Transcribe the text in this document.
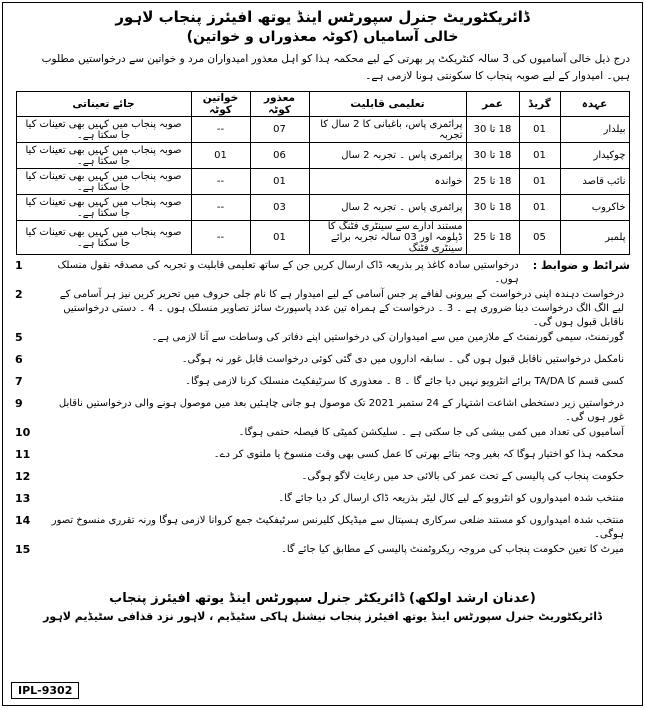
ڈائریکٹوریٹ جنرل سپورٹس اینڈ یوتھ افیئرز پنجاب لاہور
خالی آسامیاں (کوٹہ معذوراں و خواتین)
درج ذیل خالی آسامیوں کی 3 سالہ کنٹریکٹ پر بھرتی کے لیے محکمہ ہذا کو اہل معذور امیدواران مرد و خواتین سے درخواستیں مطلوب ہیں۔ امیدوار کے لیے صوبہ پنجاب کا سکونتی ہونا لازمی ہے۔
عہدہ	گریڈ	عمر	تعلیمی قابلیت	معذور کوٹہ	خواتین کوٹہ	جائے تعیناتی
بیلدار	01	18 تا 30	پرائمری پاس، باغبانی کا 2 سال کا تجربہ	07	--	صوبہ پنجاب میں کہیں بھی تعینات کیا جا سکتا ہے۔
چوکیدار	01	18 تا 30	پرائمری پاس ۔ تجربہ 2 سال	06	01	صوبہ پنجاب میں کہیں بھی تعینات کیا جا سکتا ہے۔
نائب قاصد	01	18 تا 25	خواندہ	01	--	صوبہ پنجاب میں کہیں بھی تعینات کیا جا سکتا ہے۔
خاکروب	01	18 تا 30	پرائمری پاس ۔ تجربہ 2 سال	03	--	صوبہ پنجاب میں کہیں بھی تعینات کیا جا سکتا ہے۔
پلمبر	05	18 تا 25	مستند ادارے سے سینٹری فٹنگ کا ڈپلومہ اور 03 سالہ تجربہ برائے سینٹری فٹنگ	01	--	صوبہ پنجاب میں کہیں بھی تعینات کیا جا سکتا ہے۔
شرائط و ضوابط :
درخواستیں سادہ کاغذ پر بذریعہ ڈاک ارسال کریں جن کے ساتھ تعلیمی قابلیت و تجربہ کی مصدقہ نقول منسلک ہوں۔
1
درخواست دہندہ اپنی درخواست کے بیرونی لفافے پر جس آسامی کے لیے امیدوار ہے کا نام جلی حروف میں تحریر کریں نیز ہر آسامی کے لیے الگ الگ درخواست دینا ضروری ہے ۔ 3 ۔ درخواست کے ہمراہ تین عدد پاسپورٹ سائز تصاویر منسلک ہوں ۔ 4 ۔ دستی درخواستیں ناقابل قبول ہوں گی۔
2
گورنمنٹ، سیمی گورنمنٹ کے ملازمین میں سے امیدواران کی درخواستیں اپنے دفاتر کی وساطت سے آنا لازمی ہے۔
5
نامکمل درخواستیں ناقابل قبول ہوں گی ۔ سابقہ اداروں میں دی گئی کوئی درخواست قابل غور نہ ہوگی۔
6
کسی قسم کا TA/DA برائے انٹرویو نہیں دیا جائے گا ۔ 8 ۔ معذوری کا سرٹیفکیٹ منسلک کرنا لازمی ہوگا۔
7
درخواستیں زیر دستخطی اشاعت اشتہار کے 24 ستمبر 2021 تک موصول ہو جانی چاہئیں بعد میں موصول ہونے والی درخواستیں ناقابل غور ہوں گی۔
9
آسامیوں کی تعداد میں کمی بیشی کی جا سکتی ہے ۔ سلیکشن کمیٹی کا فیصلہ حتمی ہوگا۔
10
محکمہ ہذا کو اختیار ہوگا کہ بغیر وجہ بتائے بھرتی کا عمل کسی بھی وقت منسوخ یا ملتوی کر دے۔
11
حکومت پنجاب کی پالیسی کے تحت عمر کی بالائی حد میں رعایت لاگو ہوگی۔
12
منتخب شدہ امیدواروں کو انٹرویو کے لیے کال لیٹر بذریعہ ڈاک ارسال کر دیا جائے گا۔
13
منتخب شدہ امیدواروں کو مستند ضلعی سرکاری ہسپتال سے میڈیکل کلیرنس سرٹیفکیٹ جمع کروانا لازمی ہوگا ورنہ تقرری منسوخ تصور ہوگی۔
14
میرٹ کا تعین حکومت پنجاب کی مروجہ ریکروٹمنٹ پالیسی کے مطابق کیا جائے گا۔
15
(عدنان ارشد اولکھ) ڈائریکٹر جنرل سپورٹس اینڈ یوتھ افیئرز پنجاب
ڈائریکٹوریٹ جنرل سپورٹس اینڈ یوتھ افیئرز پنجاب نیشنل ہاکی سٹیڈیم ، لاہور نزد قذافی سٹیڈیم لاہور
IPL-9302
